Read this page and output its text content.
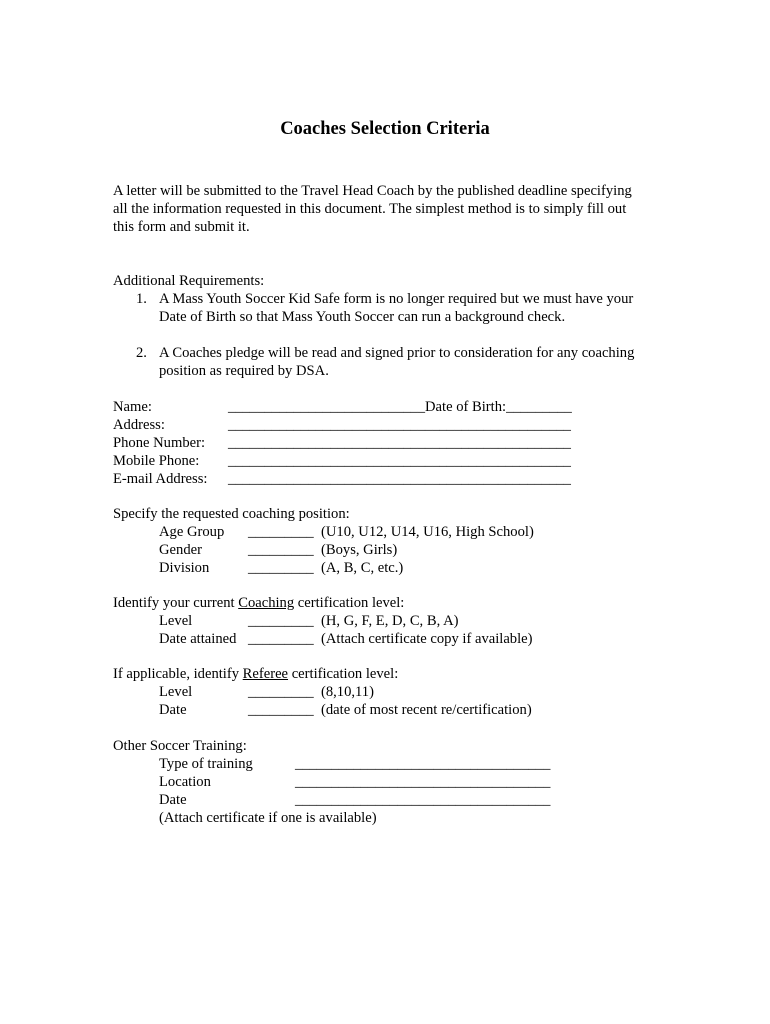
Coaches Selection Criteria
A letter will be submitted to the Travel Head Coach by the published deadline specifying
all the information requested in this document. The simplest method is to simply fill out
this form and submit it.
Additional Requirements:
1. A Mass Youth Soccer Kid Safe form is no longer required but we must have your
Date of Birth so that Mass Youth Soccer can run a background check.
2. A Coaches pledge will be read and signed prior to consideration for any coaching
position as required by DSA.
Name:	___________________________Date of Birth:_________
Address:	_______________________________________________
Phone Number: _______________________________________________
Mobile Phone: _______________________________________________
E-mail Address: _______________________________________________
Specify the requested coaching position:
Age Group _________ (U10, U12, U14, U16, High School)
Gender	_________ (Boys, Girls)
Division	_________ (A, B, C, etc.)
Identify your current Coaching certification level:
Level	_________ (H, G, F, E, D, C, B, A)
Date attained _________ (Attach certificate copy if available)
If applicable, identify Referee certification level:
Level	_________ (8,10,11)
Date	_________ (date of most recent re/certification)
Other Soccer Training:
Type of training	___________________________________
Location	___________________________________
Date	___________________________________
(Attach certificate if one is available)
